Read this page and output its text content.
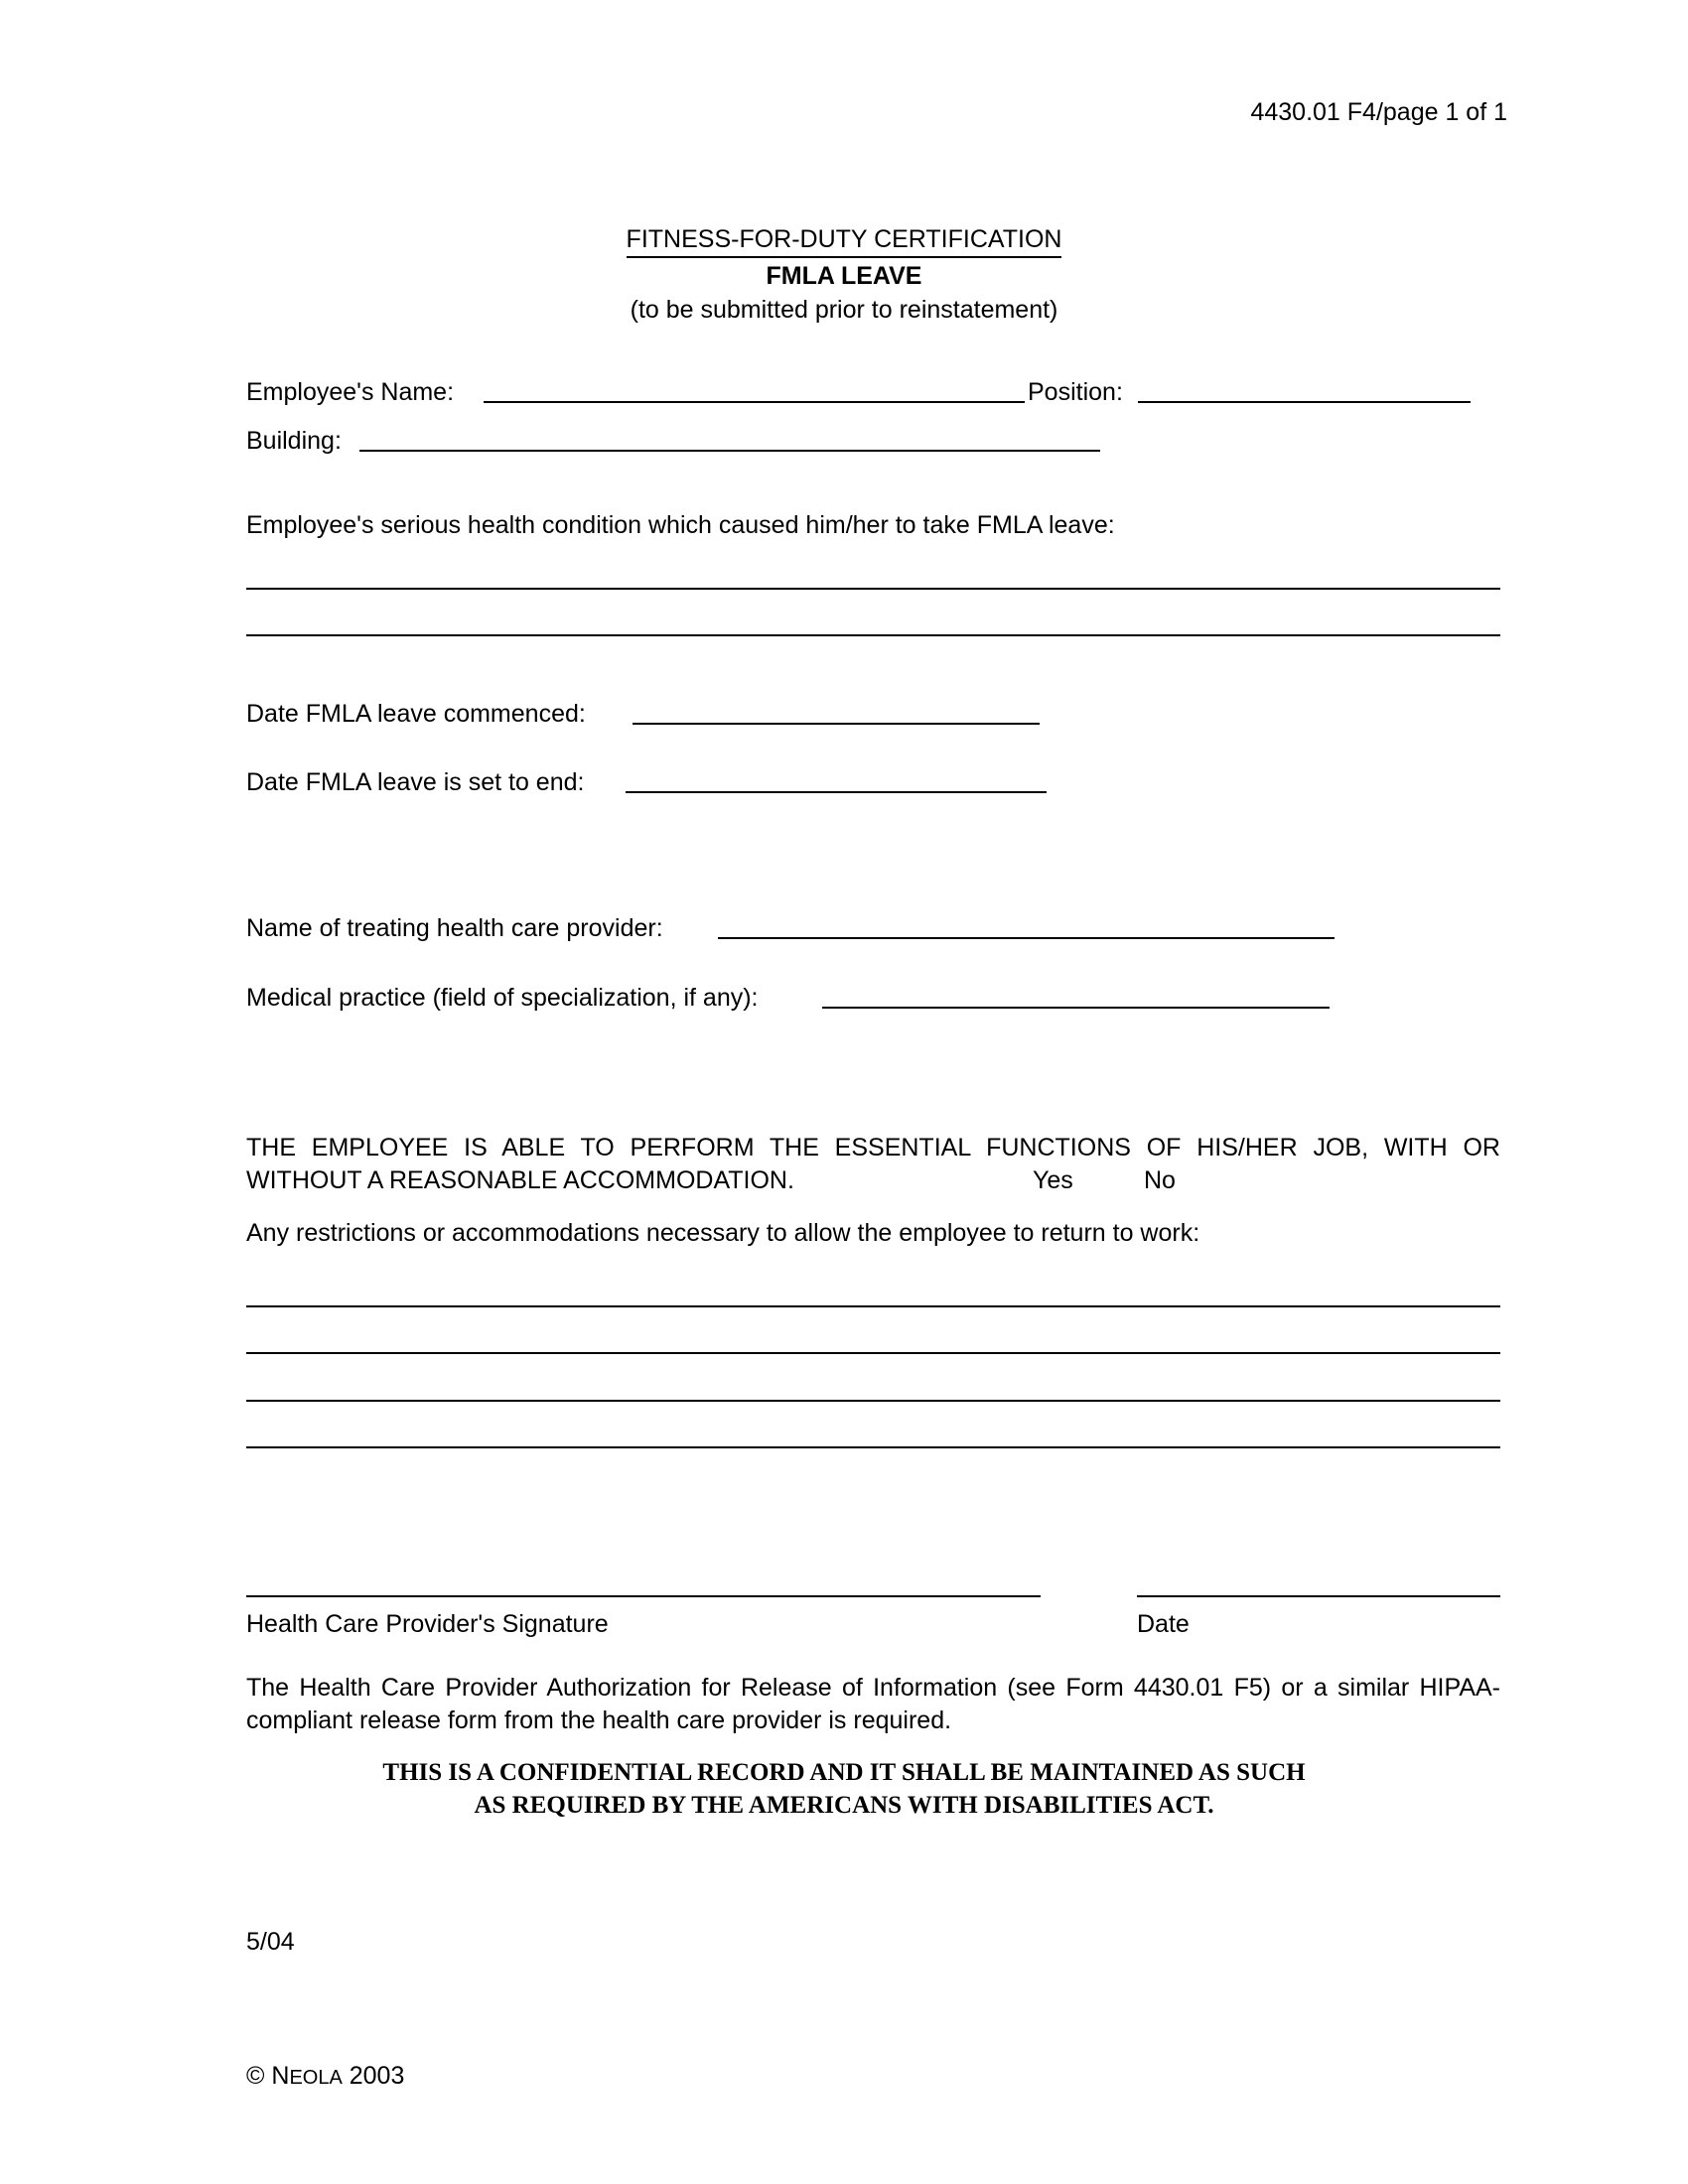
4430.01 F4/page 1 of 1
FITNESS-FOR-DUTY CERTIFICATION
FMLA LEAVE
(to be submitted prior to reinstatement)
Employee's Name:	Position:
Building:
Employee's serious health condition which caused him/her to take FMLA leave:
Date FMLA leave commenced:
Date FMLA leave is set to end:
Name of treating health care provider:
Medical practice (field of specialization, if any):
THE EMPLOYEE IS ABLE TO PERFORM THE ESSENTIAL FUNCTIONS OF HIS/HER JOB, WITH OR WITHOUT A REASONABLE ACCOMMODATION.	Yes	No
Any restrictions or accommodations necessary to allow the employee to return to work:
Health Care Provider's Signature	Date
The Health Care Provider Authorization for Release of Information (see Form 4430.01 F5) or a similar HIPAA-compliant release form from the health care provider is required.
THIS IS A CONFIDENTIAL RECORD AND IT SHALL BE MAINTAINED AS SUCH
AS REQUIRED BY THE AMERICANS WITH DISABILITIES ACT.
5/04
© NEOLA 2003
